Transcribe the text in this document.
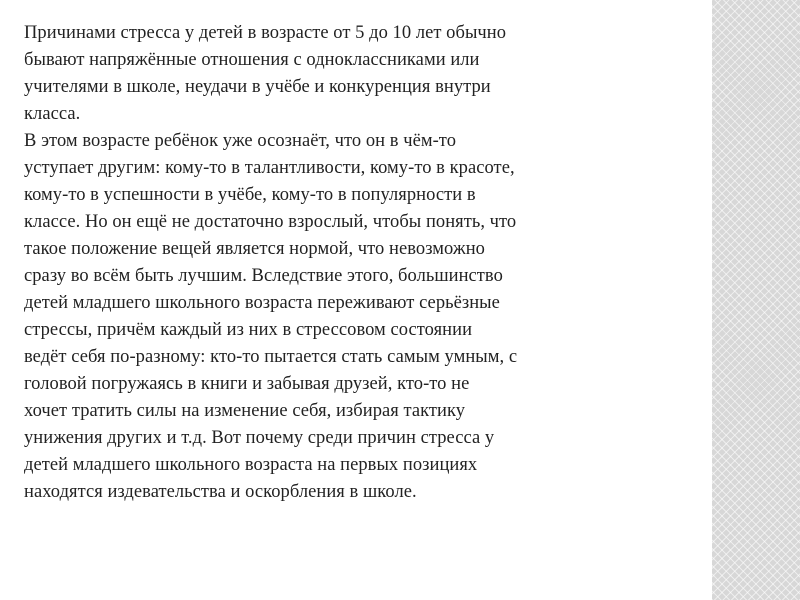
Причинами стресса у детей в возрасте от 5 до 10 лет обычно
бывают напряжённые отношения с одноклассниками или
учителями в школе, неудачи в учёбе и конкуренция внутри
класса.
В этом возрасте ребёнок уже осознаёт, что он в чём-то
уступает другим: кому-то в талантливости, кому-то в красоте,
кому-то в успешности в учёбе, кому-то в популярности в
классе. Но он ещё не достаточно взрослый, чтобы понять, что
такое положение вещей является нормой, что невозможно
сразу во всём быть лучшим. Вследствие этого, большинство
детей младшего школьного возраста переживают серьёзные
стрессы, причём каждый из них в стрессовом состоянии
ведёт себя по-разному: кто-то пытается стать самым умным, с
головой погружаясь в книги и забывая друзей, кто-то не
хочет тратить силы на изменение себя, избирая тактику
унижения других и т.д. Вот почему среди причин стресса у
детей младшего школьного возраста на первых позициях
находятся издевательства и оскорбления в школе.
